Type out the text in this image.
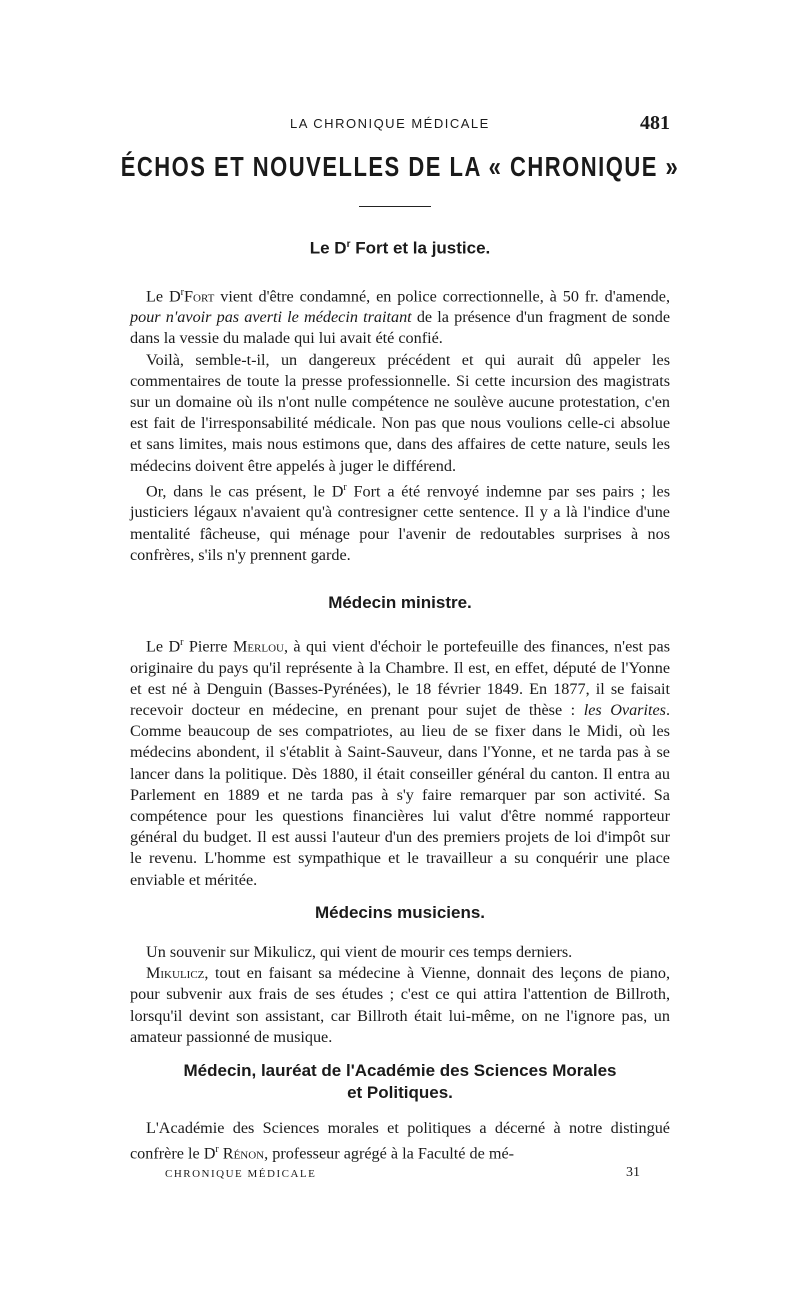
LA CHRONIQUE MÉDICALE	481
ÉCHOS ET NOUVELLES DE LA « CHRONIQUE »
Le $D^r$ Fort et la justice.

Le $D^rFort$ vient d'être condamné, en police correctionnelle, à 50 fr. d'amende, pour n'avoir pas averti le médecin traitant de la présence d'un fragment de sonde dans la vessie du malade qui lui avait été confié.

Voilà, semble-t-il, un dangereux précédent et qui aurait dû appeler les commentaires de toute la presse professionnelle. Si cette incursion des magistrats sur un domaine où ils n'ont nulle compétence ne soulève aucune protestation, c'en est fait de l'irresponsabilité médicale. Non pas que nous voulions celle-ci absolue et sans limites, mais nous estimons que, dans des affaires de cette nature, seuls les médecins doivent être appelés à juger le différend.

Or, dans le cas présent, le $D^r$ Fort a été renvoyé indemne par ses pairs ; les justiciers légaux n'avaient qu'à contresigner cette sentence. Il y a là l'indice d'une mentalité fâcheuse, qui ménage pour l'avenir de redoutables surprises à nos confrères, s'ils n'y prennent garde.

Médecin ministre.

Le $D^r$ Pierre Merlou, à qui vient d'échoir le portefeuille des finances, n'est pas originaire du pays qu'il représente à la Chambre. Il est, en effet, député de l'Yonne et est né à Denguin (Basses-Pyrénées), le 18 février 1849. En 1877, il se faisait recevoir docteur en médecine, en prenant pour sujet de thèse : les Ovarites. Comme beaucoup de ses compatriotes, au lieu de se fixer dans le Midi, où les médecins abondent, il s'établit à Saint-Sauveur, dans l'Yonne, et ne tarda pas à se lancer dans la politique. Dès 1880, il était conseiller général du canton. Il entra au Parlement en 1889 et ne tarda pas à s'y faire remarquer par son activité. Sa compétence pour les questions financières lui valut d'être nommé rapporteur général du budget. Il est aussi l'auteur d'un des premiers projets de loi d'impôt sur le revenu. L'homme est sympathique et le travailleur a su conquérir une place enviable et méritée.

Médecins musiciens.

Un souvenir sur Mikulicz, qui vient de mourir ces temps derniers.

Mikulicz, tout en faisant sa médecine à Vienne, donnait des leçons de piano, pour subvenir aux frais de ses études ; c'est ce qui attira l'attention de Billroth, lorsqu'il devint son assistant, car Billroth était lui-même, on ne l'ignore pas, un amateur passionné de musique.

Médecin, lauréat de l'Académie des Sciences Morales
et Politiques.

L'Académie des Sciences morales et politiques a décerné à notre distingué confrère le $D^r$ Rénon, professeur agrégé à la Faculté de mé-

CHRONIQUE MÉDICALE	31
